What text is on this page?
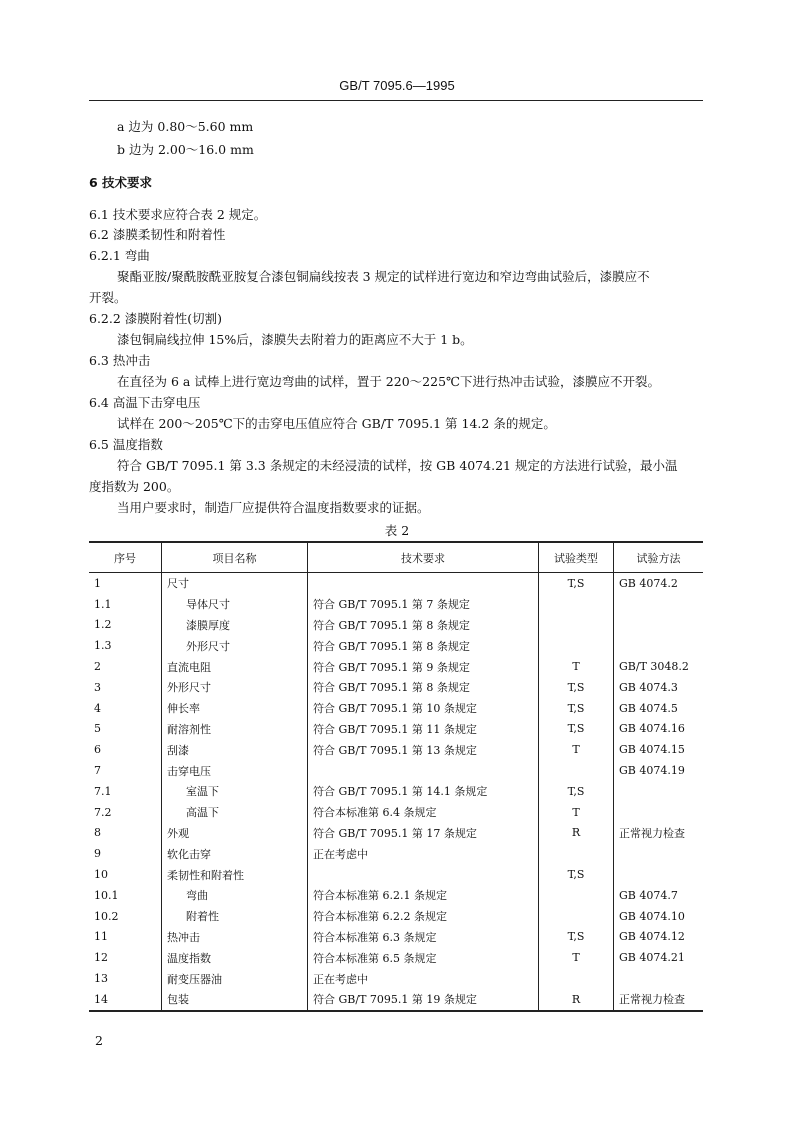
GB/T 7095.6—1995
a 边为 0.80～5.60 mm
b 边为 2.00～16.0 mm
6 技术要求
6.1 技术要求应符合表 2 规定。
6.2 漆膜柔韧性和附着性
6.2.1 弯曲
聚酯亚胺/聚酰胺酰亚胺复合漆包铜扁线按表 3 规定的试样进行宽边和窄边弯曲试验后，漆膜应不
开裂。
6.2.2 漆膜附着性(切割)
漆包铜扁线拉伸 15%后，漆膜失去附着力的距离应不大于 1 b。
6.3 热冲击
在直径为 6 a 试棒上进行宽边弯曲的试样，置于 220～225℃下进行热冲击试验，漆膜应不开裂。
6.4 高温下击穿电压
试样在 200～205℃下的击穿电压值应符合 GB/T 7095.1 第 14.2 条的规定。
6.5 温度指数
符合 GB/T 7095.1 第 3.3 条规定的未经浸渍的试样，按 GB 4074.21 规定的方法进行试验，最小温
度指数为 200。
当用户要求时，制造厂应提供符合温度指数要求的证据。
表 2
序号	项目名称	技术要求	试验类型	试验方法
1	尺寸		T,S	GB 4074.2
1.1	导体尺寸	符合 GB/T 7095.1 第 7 条规定		
1.2	漆膜厚度	符合 GB/T 7095.1 第 8 条规定		
1.3	外形尺寸	符合 GB/T 7095.1 第 8 条规定		
2	直流电阻	符合 GB/T 7095.1 第 9 条规定	T	GB/T 3048.2
3	外形尺寸	符合 GB/T 7095.1 第 8 条规定	T,S	GB 4074.3
4	伸长率	符合 GB/T 7095.1 第 10 条规定	T,S	GB 4074.5
5	耐溶剂性	符合 GB/T 7095.1 第 11 条规定	T,S	GB 4074.16
6	刮漆	符合 GB/T 7095.1 第 13 条规定	T	GB 4074.15
7	击穿电压			GB 4074.19
7.1	室温下	符合 GB/T 7095.1 第 14.1 条规定	T,S	
7.2	高温下	符合本标准第 6.4 条规定	T	
8	外观	符合 GB/T 7095.1 第 17 条规定	R	正常视力检查
9	软化击穿	正在考虑中		
10	柔韧性和附着性		T,S	
10.1	弯曲	符合本标准第 6.2.1 条规定		GB 4074.7
10.2	附着性	符合本标准第 6.2.2 条规定		GB 4074.10
11	热冲击	符合本标准第 6.3 条规定	T,S	GB 4074.12
12	温度指数	符合本标准第 6.5 条规定	T	GB 4074.21
13	耐变压器油	正在考虑中		
14	包装	符合 GB/T 7095.1 第 19 条规定	R	正常视力检查
2
